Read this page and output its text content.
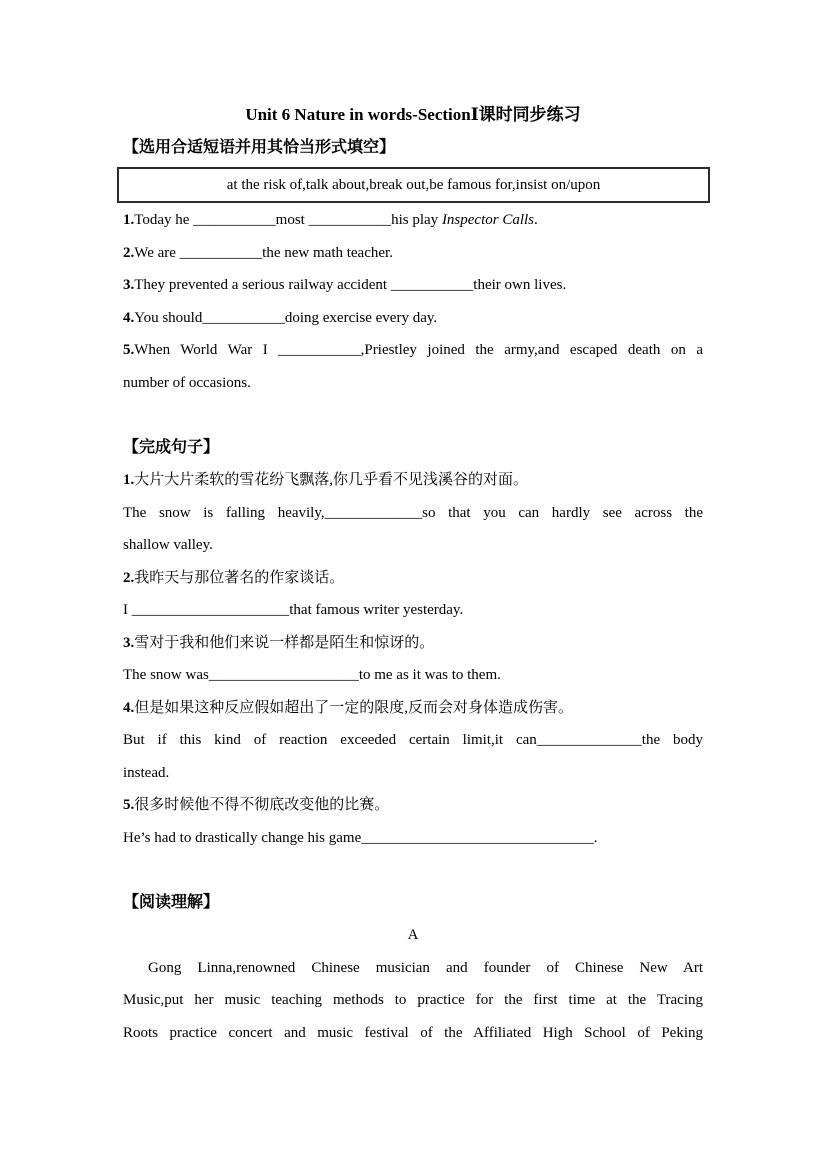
Unit 6 Nature in words-SectionⅠ课时同步练习

【选用合适短语并用其恰当形式填空】

at the risk of,talk about,break out,be famous for,insist on/upon

1.Today he ___________most ___________his play Inspector Calls.

2.We are ___________the new math teacher.

3.They prevented a serious railway accident ___________their own lives.

4.You should___________doing exercise every day.

5.When World War I ___________,Priestley joined the army,and escaped death on a

number of occasions.

【完成句子】

1.大片大片柔软的雪花纷飞飘落,你几乎看不见浅溪谷的对面。

The snow is falling heavily,_____________so that you can hardly see across the

shallow valley.

2.我昨天与那位著名的作家谈话。

I _____________________that famous writer yesterday.

3.雪对于我和他们来说一样都是陌生和惊讶的。

The snow was____________________to me as it was to them.

4.但是如果这种反应假如超出了一定的限度,反而会对身体造成伤害。

But if this kind of reaction exceeded certain limit,it can______________the body

instead.

5.很多时候他不得不彻底改变他的比赛。

He’s had to drastically change his game_______________________________.

【阅读理解】

A

Gong Linna,renowned Chinese musician and founder of Chinese New Art

Music,put her music teaching methods to practice for the first time at the Tracing

Roots practice concert and music festival of the Affiliated High School of Peking
